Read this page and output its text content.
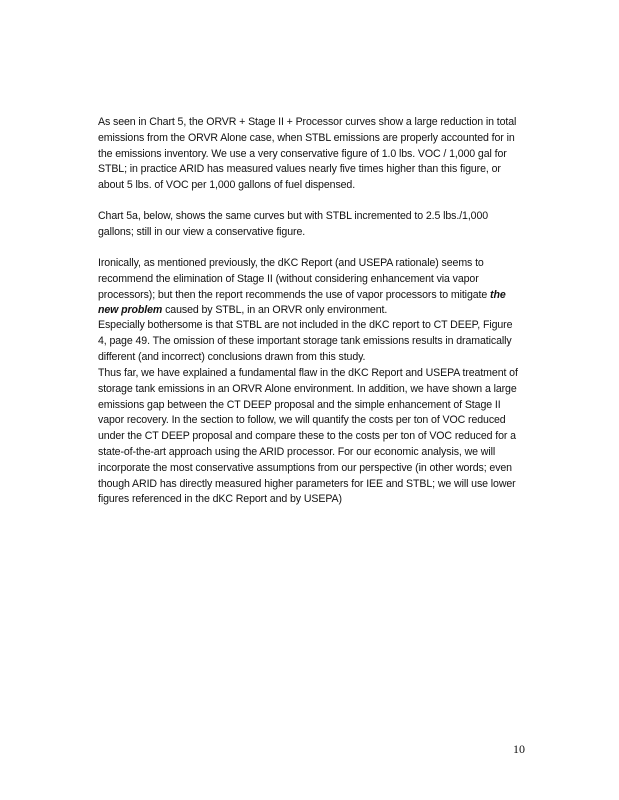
As seen in Chart 5, the ORVR + Stage II + Processor curves show a large reduction in total emissions from the ORVR Alone case, when STBL emissions are properly accounted for in the emissions inventory. We use a very conservative figure of 1.0 lbs. VOC / 1,000 gal for STBL; in practice ARID has measured values nearly five times higher than this figure, or about 5 lbs. of VOC per 1,000 gallons of fuel dispensed.

Chart 5a, below, shows the same curves but with STBL incremented to 2.5 lbs./1,000 gallons; still in our view a conservative figure.

Ironically, as mentioned previously, the dKC Report (and USEPA rationale) seems to recommend the elimination of Stage II (without considering enhancement via vapor processors); but then the report recommends the use of vapor processors to mitigate the new problem caused by STBL, in an ORVR only environment.

Especially bothersome is that STBL are not included in the dKC report to CT DEEP, Figure 4, page 49. The omission of these important storage tank emissions results in dramatically different (and incorrect) conclusions drawn from this study.

Thus far, we have explained a fundamental flaw in the dKC Report and USEPA treatment of storage tank emissions in an ORVR Alone environment. In addition, we have shown a large emissions gap between the CT DEEP proposal and the simple enhancement of Stage II vapor recovery. In the section to follow, we will quantify the costs per ton of VOC reduced under the CT DEEP proposal and compare these to the costs per ton of VOC reduced for a state-of-the-art approach using the ARID processor. For our economic analysis, we will incorporate the most conservative assumptions from our perspective (in other words; even though ARID has directly measured higher parameters for IEE and STBL; we will use lower figures referenced in the dKC Report and by USEPA)

10
